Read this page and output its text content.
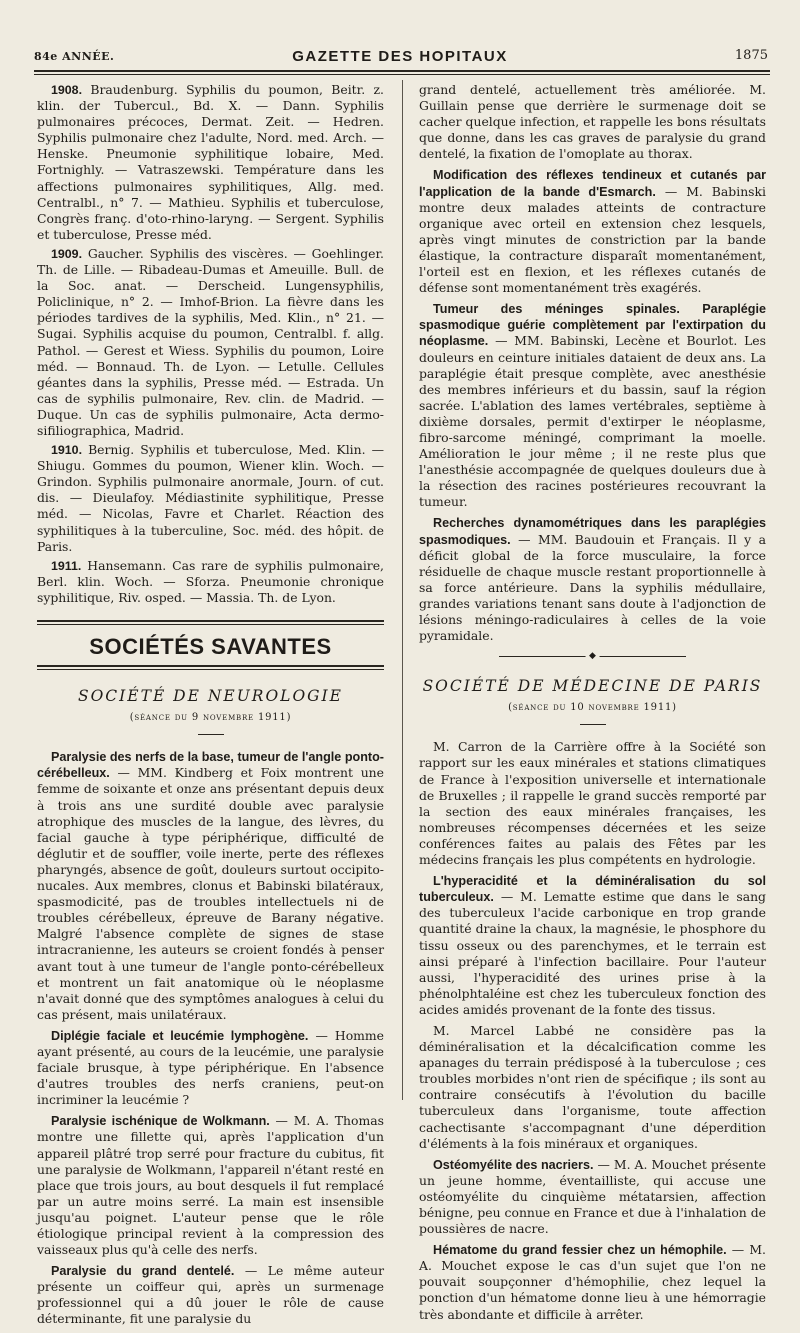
84e ANNÉE.	GAZETTE DES HOPITAUX	1875

1908. Braudenburg. Syphilis du poumon, Beitr. z. klin. der Tubercul., Bd. X. — Dann. Syphilis pulmonaires précoces, Dermat. Zeit. — Hedren. Syphilis pulmonaire chez l'adulte, Nord. med. Arch. — Henske. Pneumonie syphilitique lobaire, Med. Fortnighly. — Vatraszewski. Température dans les affections pulmonaires syphilitiques, Allg. med. Centralbl., n° 7. — Mathieu. Syphilis et tuberculose, Congrès franç. d'oto-rhino-laryng. — Sergent. Syphilis et tuberculose, Presse méd.

1909. Gaucher. Syphilis des viscères. — Goehlinger. Th. de Lille. — Ribadeau-Dumas et Ameuille. Bull. de la Soc. anat. — Derscheid. Lungensyphilis, Policlinique, n° 2. — Imhof-Brion. La fièvre dans les périodes tardives de la syphilis, Med. Klin., n° 21. — Sugai. Syphilis acquise du poumon, Centralbl. f. allg. Pathol. — Gerest et Wiess. Syphilis du poumon, Loire méd. — Bonnaud. Th. de Lyon. — Letulle. Cellules géantes dans la syphilis, Presse méd. — Estrada. Un cas de syphilis pulmonaire, Rev. clin. de Madrid. — Duque. Un cas de syphilis pulmonaire, Acta dermo-sifiliographica, Madrid.

1910. Bernig. Syphilis et tuberculose, Med. Klin. — Shiugu. Gommes du poumon, Wiener klin. Woch. — Grindon. Syphilis pulmonaire anormale, Journ. of cut. dis. — Dieulafoy. Médiastinite syphilitique, Presse méd. — Nicolas, Favre et Charlet. Réaction des syphilitiques à la tuberculine, Soc. méd. des hôpit. de Paris.

1911. Hansemann. Cas rare de syphilis pulmonaire, Berl. klin. Woch. — Sforza. Pneumonie chronique syphilitique, Riv. osped. — Massia. Th. de Lyon.

SOCIÉTÉS SAVANTES

SOCIÉTÉ DE NEUROLOGIE

(séance du 9 novembre 1911)

Paralysie des nerfs de la base, tumeur de l'angle ponto-cérébelleux. — MM. Kindberg et Foix montrent une femme de soixante et onze ans présentant depuis deux à trois ans une surdité double avec paralysie atrophique des muscles de la langue, des lèvres, du facial gauche à type périphérique, difficulté de déglutir et de souffler, voile inerte, perte des réflexes pharyngés, absence de goût, douleurs surtout occipito-nucales. Aux membres, clonus et Babinski bilatéraux, spasmodicité, pas de troubles intellectuels ni de troubles cérébelleux, épreuve de Barany négative. Malgré l'absence complète de signes de stase intracranienne, les auteurs se croient fondés à penser avant tout à une tumeur de l'angle ponto-cérébelleux et montrent un fait anatomique où le néoplasme n'avait donné que des symptômes analogues à celui du cas présent, mais unilatéraux.

Diplégie faciale et leucémie lymphogène. — Homme ayant présenté, au cours de la leucémie, une paralysie faciale brusque, à type périphérique. En l'absence d'autres troubles des nerfs craniens, peut-on incriminer la leucémie ?

Paralysie ischénique de Wolkmann. — M. A. Thomas montre une fillette qui, après l'application d'un appareil plâtré trop serré pour fracture du cubitus, fit une paralysie de Wolkmann, l'appareil n'étant resté en place que trois jours, au bout desquels il fut remplacé par un autre moins serré. La main est insensible jusqu'au poignet. L'auteur pense que le rôle étiologique principal revient à la compression des vaisseaux plus qu'à celle des nerfs.

Paralysie du grand dentelé. — Le même auteur présente un coiffeur qui, après un surmenage professionnel qui a dû jouer le rôle de cause déterminante, fit une paralysie du

grand dentelé, actuellement très améliorée. M. Guillain pense que derrière le surmenage doit se cacher quelque infection, et rappelle les bons résultats que donne, dans les cas graves de paralysie du grand dentelé, la fixation de l'omoplate au thorax.

Modification des réflexes tendineux et cutanés par l'application de la bande d'Esmarch. — M. Babinski montre deux malades atteints de contracture organique avec orteil en extension chez lesquels, après vingt minutes de constriction par la bande élastique, la contracture disparaît momentanément, l'orteil est en flexion, et les réflexes cutanés de défense sont momentanément très exagérés.

Tumeur des méninges spinales. Paraplégie spasmodique guérie complètement par l'extirpation du néoplasme. — MM. Babinski, Lecène et Bourlot. Les douleurs en ceinture initiales dataient de deux ans. La paraplégie était presque complète, avec anesthésie des membres inférieurs et du bassin, sauf la région sacrée. L'ablation des lames vertébrales, septième à dixième dorsales, permit d'extirper le néoplasme, fibro-sarcome méningé, comprimant la moelle. Amélioration le jour même ; il ne reste plus que l'anesthésie accompagnée de quelques douleurs due à la résection des racines postérieures recouvrant la tumeur.

Recherches dynamométriques dans les paraplégies spasmodiques. — MM. Baudouin et Français. Il y a déficit global de la force musculaire, la force résiduelle de chaque muscle restant proportionnelle à sa force antérieure. Dans la syphilis médullaire, grandes variations tenant sans doute à l'adjonction de lésions méningo-radiculaires à celles de la voie pyramidale.

◆

SOCIÉTÉ DE MÉDECINE DE PARIS

(séance du 10 novembre 1911)

M. Carron de la Carrière offre à la Société son rapport sur les eaux minérales et stations climatiques de France à l'exposition universelle et internationale de Bruxelles ; il rappelle le grand succès remporté par la section des eaux minérales françaises, les nombreuses récompenses décernées et les seize conférences faites au palais des Fêtes par les médecins français les plus compétents en hydrologie.

L'hyperacidité et la déminéralisation du sol tuberculeux. — M. Lematte estime que dans le sang des tuberculeux l'acide carbonique en trop grande quantité draine la chaux, la magnésie, le phosphore du tissu osseux ou des parenchymes, et le terrain est ainsi préparé à l'infection bacillaire. Pour l'auteur aussi, l'hyperacidité des urines prise à la phénolphtaléine est chez les tuberculeux fonction des acides amidés provenant de la fonte des tissus.

M. Marcel Labbé ne considère pas la déminéralisation et la décalcification comme les apanages du terrain prédisposé à la tuberculose ; ces troubles morbides n'ont rien de spécifique ; ils sont au contraire consécutifs à l'évolution du bacille tuberculeux dans l'organisme, toute affection cachectisante s'accompagnant d'une déperdition d'éléments à la fois minéraux et organiques.

Ostéomyélite des nacriers. — M. A. Mouchet présente un jeune homme, éventailliste, qui accuse une ostéomyélite du cinquième métatarsien, affection bénigne, peu connue en France et due à l'inhalation de poussières de nacre.

Hématome du grand fessier chez un hémophile. — M. A. Mouchet expose le cas d'un sujet que l'on ne pouvait soupçonner d'hémophilie, chez lequel la ponction d'un hématome donne lieu à une hémorragie très abondante et difficile à arrêter.
